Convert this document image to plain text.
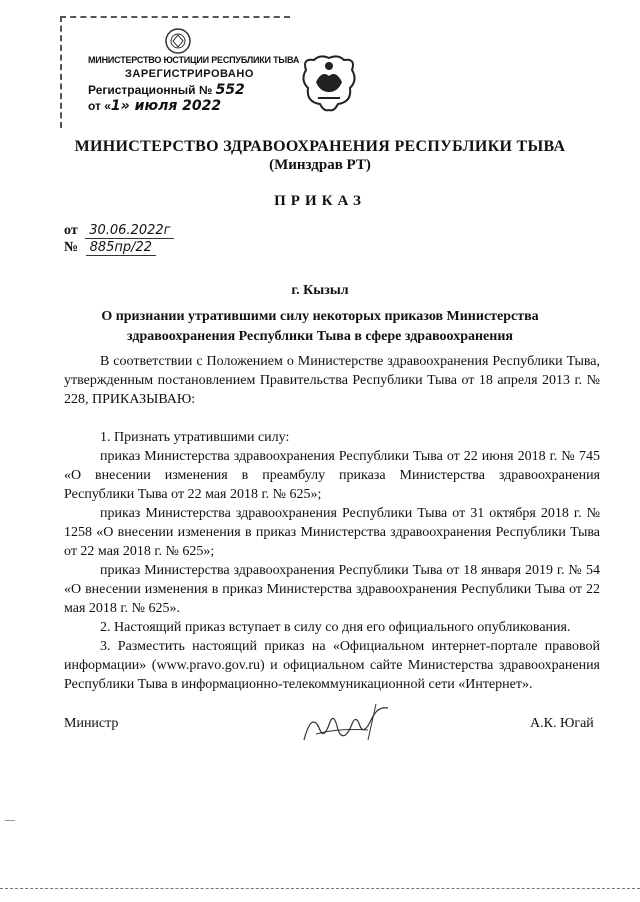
МИНИСТЕРСТВО ЮСТИЦИИ РЕСПУБЛИКИ ТЫВА
ЗАРЕГИСТРИРОВАНО
Регистрационный № 552
от «1» июля 2022
МИНИСТЕРСТВО ЗДРАВООХРАНЕНИЯ РЕСПУБЛИКИ ТЫВА
(Минздрав РТ)
ПРИКАЗ
от 30.06.2022г
№ 885пр/22
г. Кызыл
О признании утратившими силу некоторых приказов Министерства здравоохранения Республики Тыва в сфере здравоохранения

В соответствии с Положением о Министерстве здравоохранения Республики Тыва, утвержденным постановлением Правительства Республики Тыва от 18 апреля 2013 г. № 228, ПРИКАЗЫВАЮ:

1. Признать утратившими силу:

приказ Министерства здравоохранения Республики Тыва от 22 июня 2018 г. № 745 «О внесении изменения в преамбулу приказа Министерства здравоохранения Республики Тыва от 22 мая 2018 г. № 625»;

приказ Министерства здравоохранения Республики Тыва от 31 октября 2018 г. № 1258 «О внесении изменения в приказ Министерства здравоохранения Республики Тыва от 22 мая 2018 г. № 625»;

приказ Министерства здравоохранения Республики Тыва от 18 января 2019 г. № 54 «О внесении изменения в приказ Министерства здравоохранения Республики Тыва от 22 мая 2018 г. № 625».

2. Настоящий приказ вступает в силу со дня его официального опубликования.

3. Разместить настоящий приказ на «Официальном интернет-портале правовой информации» (www.pravo.gov.ru) и официальном сайте Министерства здравоохранения Республики Тыва в информационно-телекоммуникационной сети «Интернет».

Министр	А.К. Югай
